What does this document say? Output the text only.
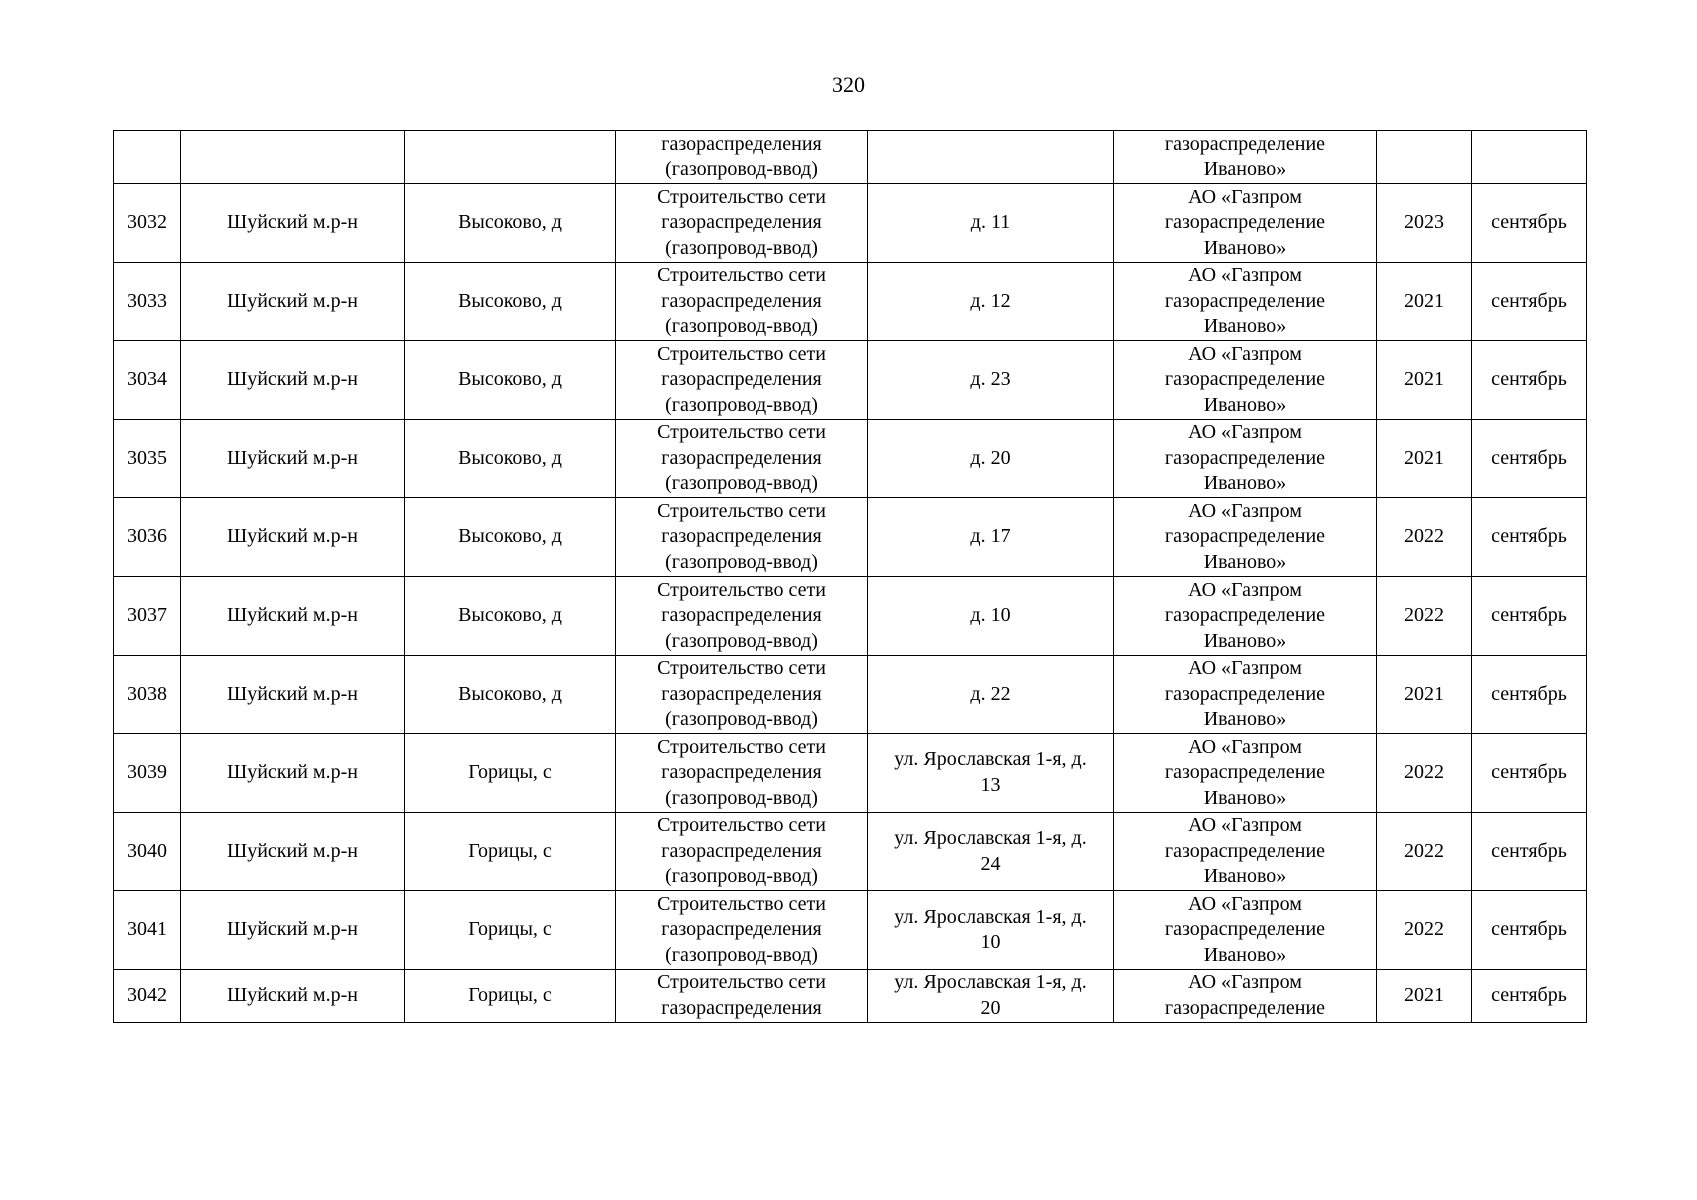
320
			газораспределения
(газопровод-ввод)		газораспределение
Иваново»		
3032	Шуйский м.р-н	Высоково, д	Строительство сети
газораспределения
(газопровод-ввод)	д. 11	АО «Газпром
газораспределение
Иваново»	2023	сентябрь
3033	Шуйский м.р-н	Высоково, д	Строительство сети
газораспределения
(газопровод-ввод)	д. 12	АО «Газпром
газораспределение
Иваново»	2021	сентябрь
3034	Шуйский м.р-н	Высоково, д	Строительство сети
газораспределения
(газопровод-ввод)	д. 23	АО «Газпром
газораспределение
Иваново»	2021	сентябрь
3035	Шуйский м.р-н	Высоково, д	Строительство сети
газораспределения
(газопровод-ввод)	д. 20	АО «Газпром
газораспределение
Иваново»	2021	сентябрь
3036	Шуйский м.р-н	Высоково, д	Строительство сети
газораспределения
(газопровод-ввод)	д. 17	АО «Газпром
газораспределение
Иваново»	2022	сентябрь
3037	Шуйский м.р-н	Высоково, д	Строительство сети
газораспределения
(газопровод-ввод)	д. 10	АО «Газпром
газораспределение
Иваново»	2022	сентябрь
3038	Шуйский м.р-н	Высоково, д	Строительство сети
газораспределения
(газопровод-ввод)	д. 22	АО «Газпром
газораспределение
Иваново»	2021	сентябрь
3039	Шуйский м.р-н	Горицы, с	Строительство сети
газораспределения
(газопровод-ввод)	ул. Ярославская 1-я, д.
13	АО «Газпром
газораспределение
Иваново»	2022	сентябрь
3040	Шуйский м.р-н	Горицы, с	Строительство сети
газораспределения
(газопровод-ввод)	ул. Ярославская 1-я, д.
24	АО «Газпром
газораспределение
Иваново»	2022	сентябрь
3041	Шуйский м.р-н	Горицы, с	Строительство сети
газораспределения
(газопровод-ввод)	ул. Ярославская 1-я, д.
10	АО «Газпром
газораспределение
Иваново»	2022	сентябрь
3042	Шуйский м.р-н	Горицы, с	Строительство сети
газораспределения	ул. Ярославская 1-я, д.
20	АО «Газпром
газораспределение	2021	сентябрь
